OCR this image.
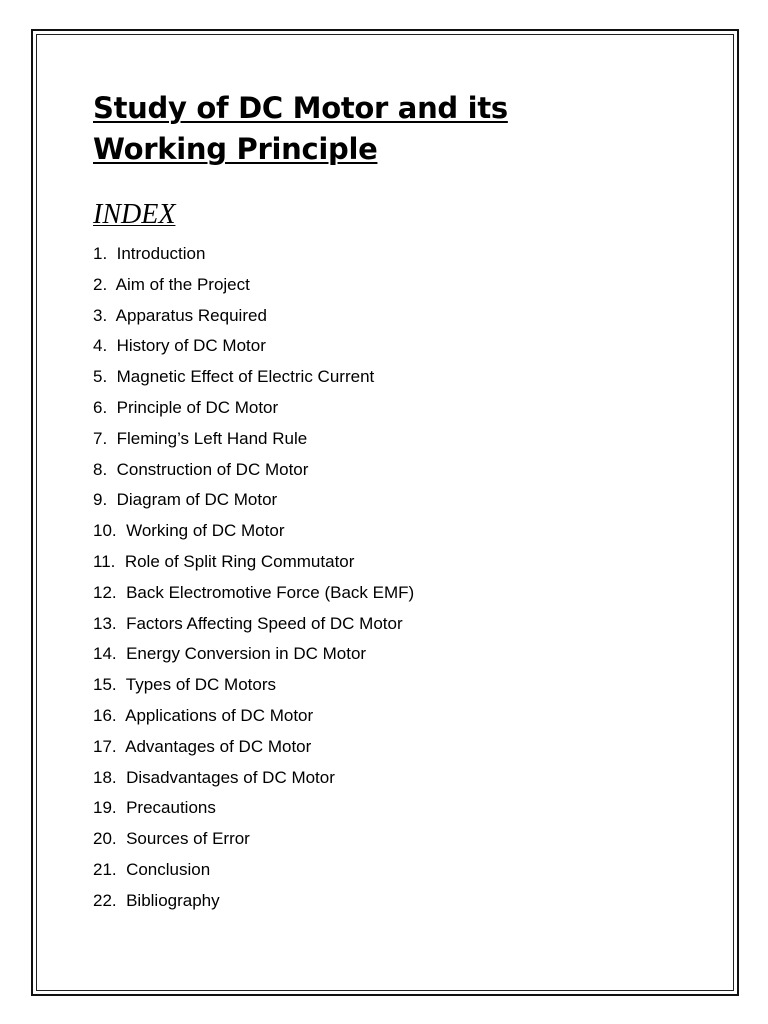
Study of DC Motor and its
Working Principle
INDEX
1.  Introduction
2.  Aim of the Project
3.  Apparatus Required
4.  History of DC Motor
5.  Magnetic Effect of Electric Current
6.  Principle of DC Motor
7.  Fleming’s Left Hand Rule
8.  Construction of DC Motor
9.  Diagram of DC Motor
10.  Working of DC Motor
11.  Role of Split Ring Commutator
12.  Back Electromotive Force (Back EMF)
13.  Factors Affecting Speed of DC Motor
14.  Energy Conversion in DC Motor
15.  Types of DC Motors
16.  Applications of DC Motor
17.  Advantages of DC Motor
18.  Disadvantages of DC Motor
19.  Precautions
20.  Sources of Error
21.  Conclusion
22.  Bibliography
